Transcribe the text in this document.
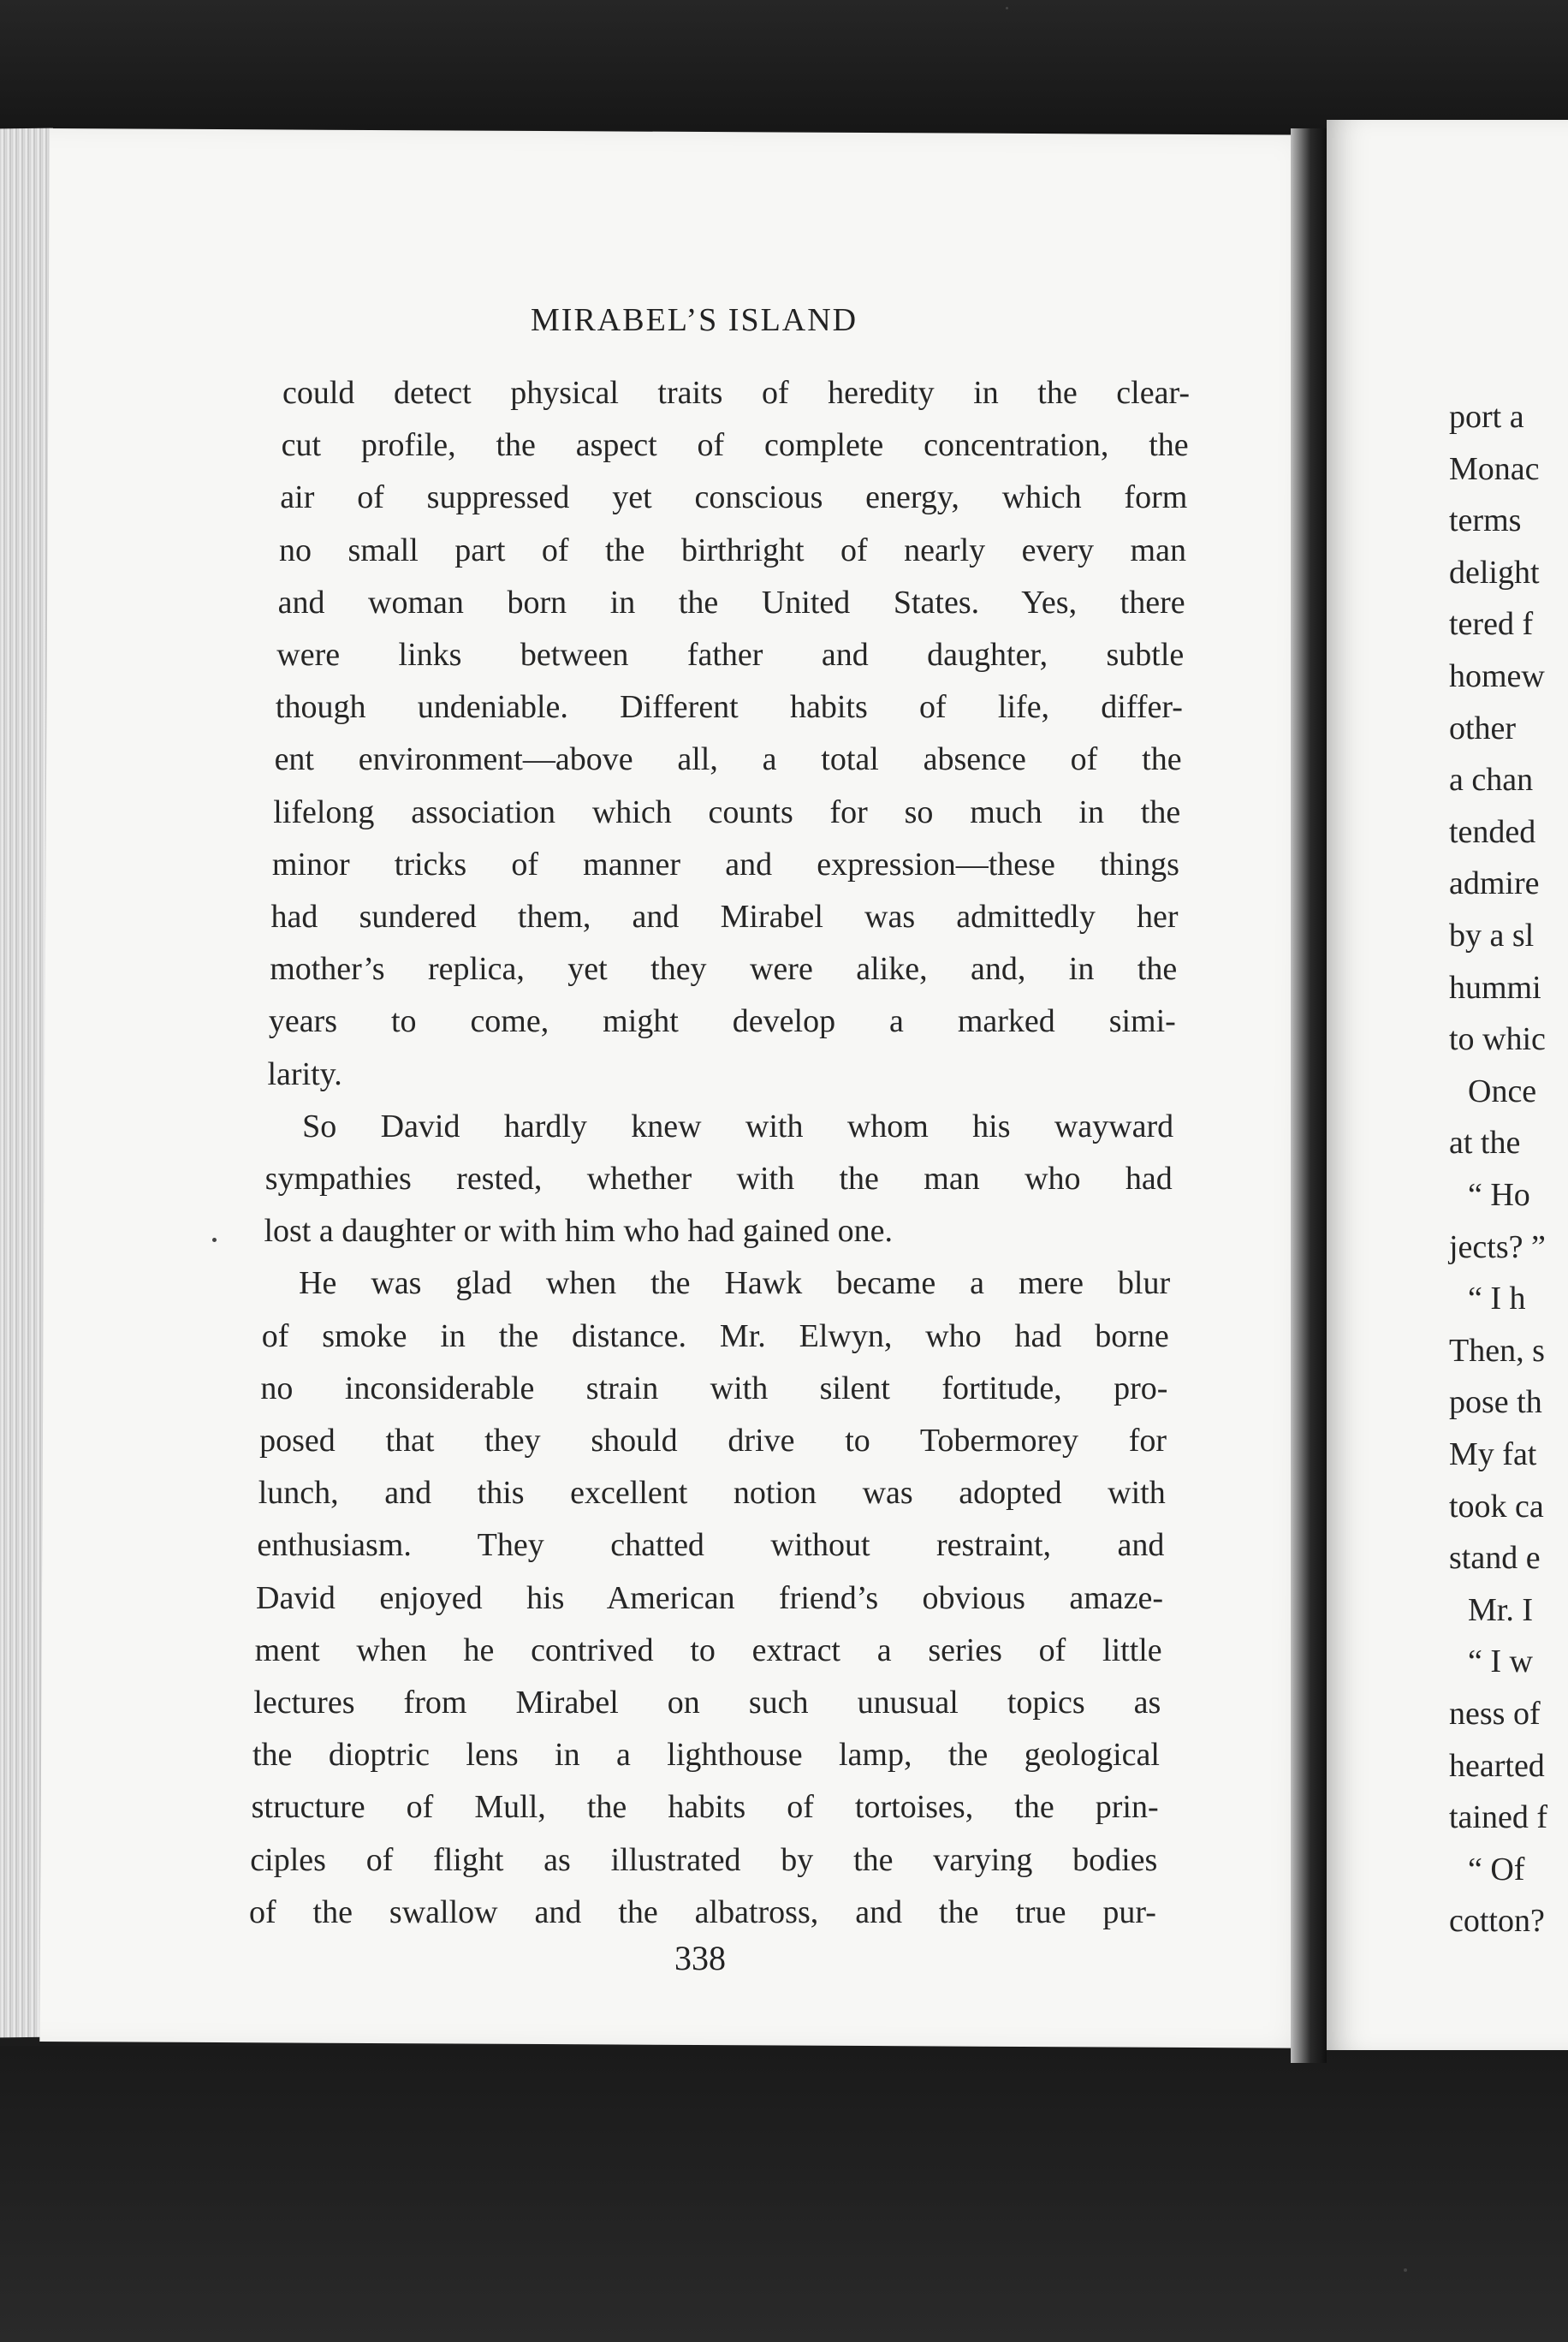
MIRABEL’S ISLAND
could detect physical traits of heredity in the clear-
cut profile, the aspect of complete concentration, the
air of suppressed yet conscious energy, which form
no small part of the birthright of nearly every man
and woman born in the United States. Yes, there
were links between father and daughter, subtle
though undeniable. Different habits of life, differ-
ent environment—above all, a total absence of the
lifelong association which counts for so much in the
minor tricks of manner and expression—these things
had sundered them, and Mirabel was admittedly her
mother’s replica, yet they were alike, and, in the
years to come, might develop a marked simi-
larity.
So David hardly knew with whom his wayward
sympathies rested, whether with the man who had
lost a daughter or with him who had gained one.
He was glad when the Hawk became a mere blur
of smoke in the distance. Mr. Elwyn, who had borne
no inconsiderable strain with silent fortitude, pro-
posed that they should drive to Tobermorey for
lunch, and this excellent notion was adopted with
enthusiasm. They chatted without restraint, and
David enjoyed his American friend’s obvious amaze-
ment when he contrived to extract a series of little
lectures from Mirabel on such unusual topics as
the dioptric lens in a lighthouse lamp, the geological
structure of Mull, the habits of tortoises, the prin-
ciples of flight as illustrated by the varying bodies
of the swallow and the albatross, and the true pur-
338
port a
Monac
terms
delight
tered f
homew
other
a chan
tended
admire
by a sl
hummi
to whic
Once
at the
“ Ho
jects? ”
“ I h
Then, s
pose th
My fat
took ca
stand e
Mr. I
“ I w
ness of
hearted
tained f
“ Of
cotton?
